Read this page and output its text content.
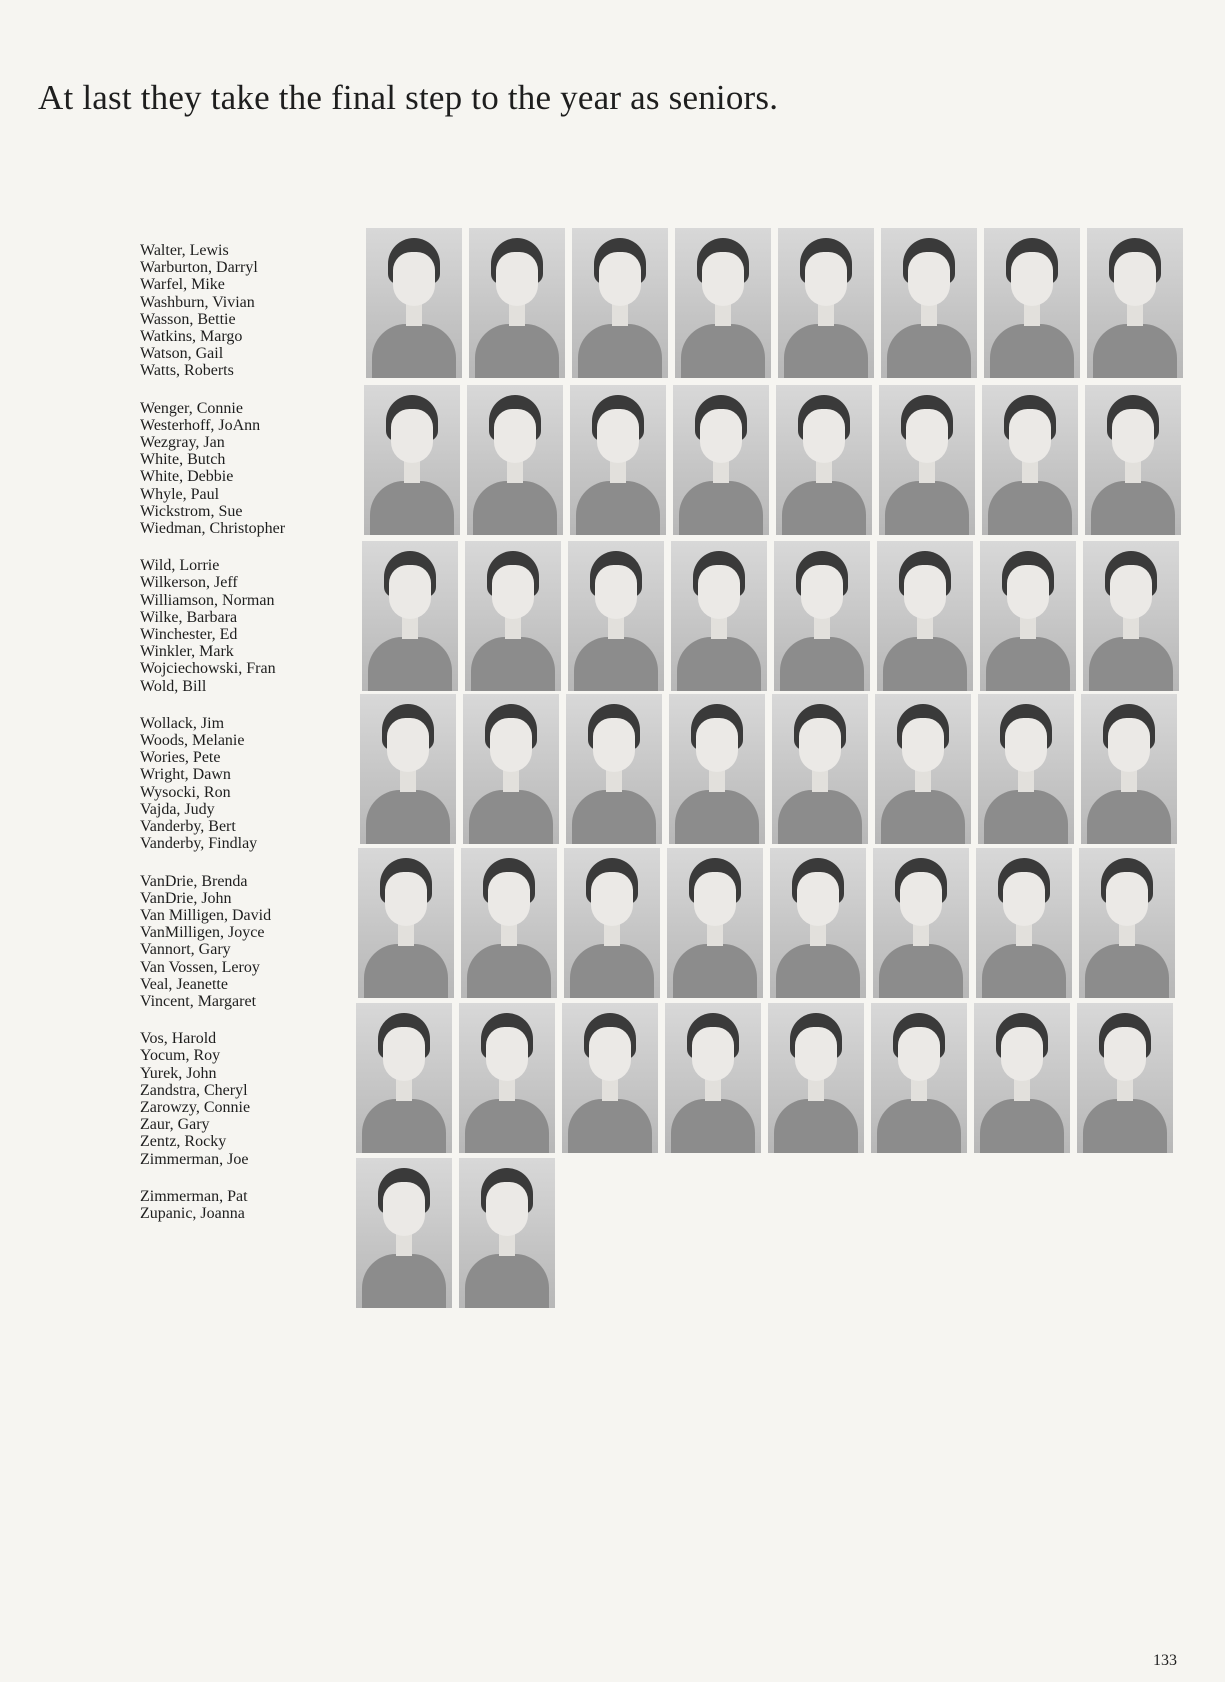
At last they take the final step to the year as seniors.
Walter, Lewis
Warburton, Darryl
Warfel, Mike
Washburn, Vivian
Wasson, Bettie
Watkins, Margo
Watson, Gail
Watts, Roberts
Wenger, Connie
Westerhoff, JoAnn
Wezgray, Jan
White, Butch
White, Debbie
Whyle, Paul
Wickstrom, Sue
Wiedman, Christopher
Wild, Lorrie
Wilkerson, Jeff
Williamson, Norman
Wilke, Barbara
Winchester, Ed
Winkler, Mark
Wojciechowski, Fran
Wold, Bill
Wollack, Jim
Woods, Melanie
Wories, Pete
Wright, Dawn
Wysocki, Ron
Vajda, Judy
Vanderby, Bert
Vanderby, Findlay
VanDrie, Brenda
VanDrie, John
Van Milligen, David
VanMilligen, Joyce
Vannort, Gary
Van Vossen, Leroy
Veal, Jeanette
Vincent, Margaret
Vos, Harold
Yocum, Roy
Yurek, John
Zandstra, Cheryl
Zarowzy, Connie
Zaur, Gary
Zentz, Rocky
Zimmerman, Joe
Zimmerman, Pat
Zupanic, Joanna
133
